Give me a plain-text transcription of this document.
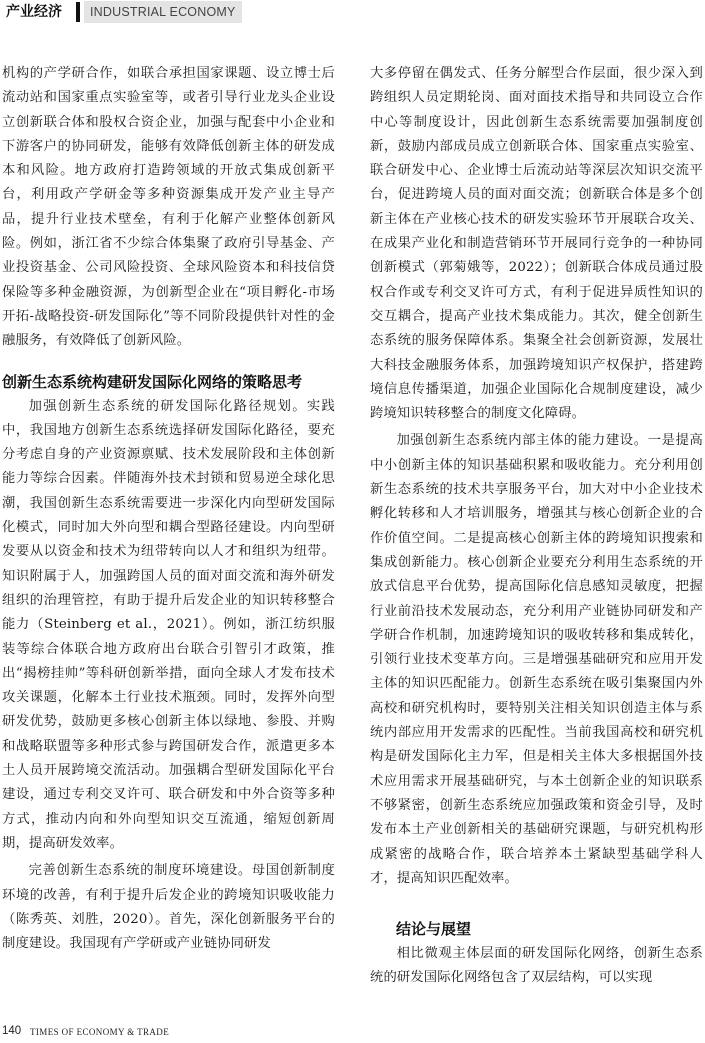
产业经济	INDUSTRIAL ECONOMY

机构的产学研合作，如联合承担国家课题、设立博士后流动站和国家重点实验室等，或者引导行业龙头企业设立创新联合体和股权合资企业，加强与配套中小企业和下游客户的协同研发，能够有效降低创新主体的研发成本和风险。地方政府打造跨领域的开放式集成创新平台，利用政产学研金等多种资源集成开发产业主导产品，提升行业技术壁垒，有利于化解产业整体创新风险。例如，浙江省不少综合体集聚了政府引导基金、产业投资基金、公司风险投资、全球风险资本和科技信贷保险等多种金融资源，为创新型企业在“项目孵化-市场开拓-战略投资-研发国际化”等不同阶段提供针对性的金融服务，有效降低了创新风险。

创新生态系统构建研发国际化网络的策略思考

加强创新生态系统的研发国际化路径规划。实践中，我国地方创新生态系统选择研发国际化路径，要充分考虑自身的产业资源禀赋、技术发展阶段和主体创新能力等综合因素。伴随海外技术封锁和贸易逆全球化思潮，我国创新生态系统需要进一步深化内向型研发国际化模式，同时加大外向型和耦合型路径建设。内向型研发要从以资金和技术为纽带转向以人才和组织为纽带。知识附属于人，加强跨国人员的面对面交流和海外研发组织的治理管控，有助于提升后发企业的知识转移整合能力（Steinberg et al.，2021）。例如，浙江纺织服装等综合体联合地方政府出台联合引智引才政策，推出“揭榜挂帅”等科研创新举措，面向全球人才发布技术攻关课题，化解本土行业技术瓶颈。同时，发挥外向型研发优势，鼓励更多核心创新主体以绿地、参股、并购和战略联盟等多种形式参与跨国研发合作，派遣更多本土人员开展跨境交流活动。加强耦合型研发国际化平台建设，通过专利交叉许可、联合研发和中外合资等多种方式，推动内向和外向型知识交互流通，缩短创新周期，提高研发效率。

完善创新生态系统的制度环境建设。母国创新制度环境的改善，有利于提升后发企业的跨境知识吸收能力（陈秀英、刘胜，2020）。首先，深化创新服务平台的制度建设。我国现有产学研或产业链协同研发

大多停留在偶发式、任务分解型合作层面，很少深入到跨组织人员定期轮岗、面对面技术指导和共同设立合作中心等制度设计，因此创新生态系统需要加强制度创新，鼓励内部成员成立创新联合体、国家重点实验室、联合研发中心、企业博士后流动站等深层次知识交流平台，促进跨境人员的面对面交流；创新联合体是多个创新主体在产业核心技术的研发实验环节开展联合攻关、在成果产业化和制造营销环节开展同行竞争的一种协同创新模式（郭菊娥等，2022）；创新联合体成员通过股权合作或专利交叉许可方式，有利于促进异质性知识的交互耦合，提高产业技术集成能力。其次，健全创新生态系统的服务保障体系。集聚全社会创新资源，发展壮大科技金融服务体系，加强跨境知识产权保护，搭建跨境信息传播渠道，加强企业国际化合规制度建设，减少跨境知识转移整合的制度文化障碍。

加强创新生态系统内部主体的能力建设。一是提高中小创新主体的知识基础积累和吸收能力。充分利用创新生态系统的技术共享服务平台，加大对中小企业技术孵化转移和人才培训服务，增强其与核心创新企业的合作价值空间。二是提高核心创新主体的跨境知识搜索和集成创新能力。核心创新企业要充分利用生态系统的开放式信息平台优势，提高国际化信息感知灵敏度，把握行业前沿技术发展动态，充分利用产业链协同研发和产学研合作机制，加速跨境知识的吸收转移和集成转化，引领行业技术变革方向。三是增强基础研究和应用开发主体的知识匹配能力。创新生态系统在吸引集聚国内外高校和研究机构时，要特别关注相关知识创造主体与系统内部应用开发需求的匹配性。当前我国高校和研究机构是研发国际化主力军，但是相关主体大多根据国外技术应用需求开展基础研究，与本土创新企业的知识联系不够紧密，创新生态系统应加强政策和资金引导，及时发布本土产业创新相关的基础研究课题，与研究机构形成紧密的战略合作，联合培养本土紧缺型基础学科人才，提高知识匹配效率。

结论与展望

相比微观主体层面的研发国际化网络，创新生态系统的研发国际化网络包含了双层结构，可以实现

140 TIMES OF ECONOMY & TRADE
